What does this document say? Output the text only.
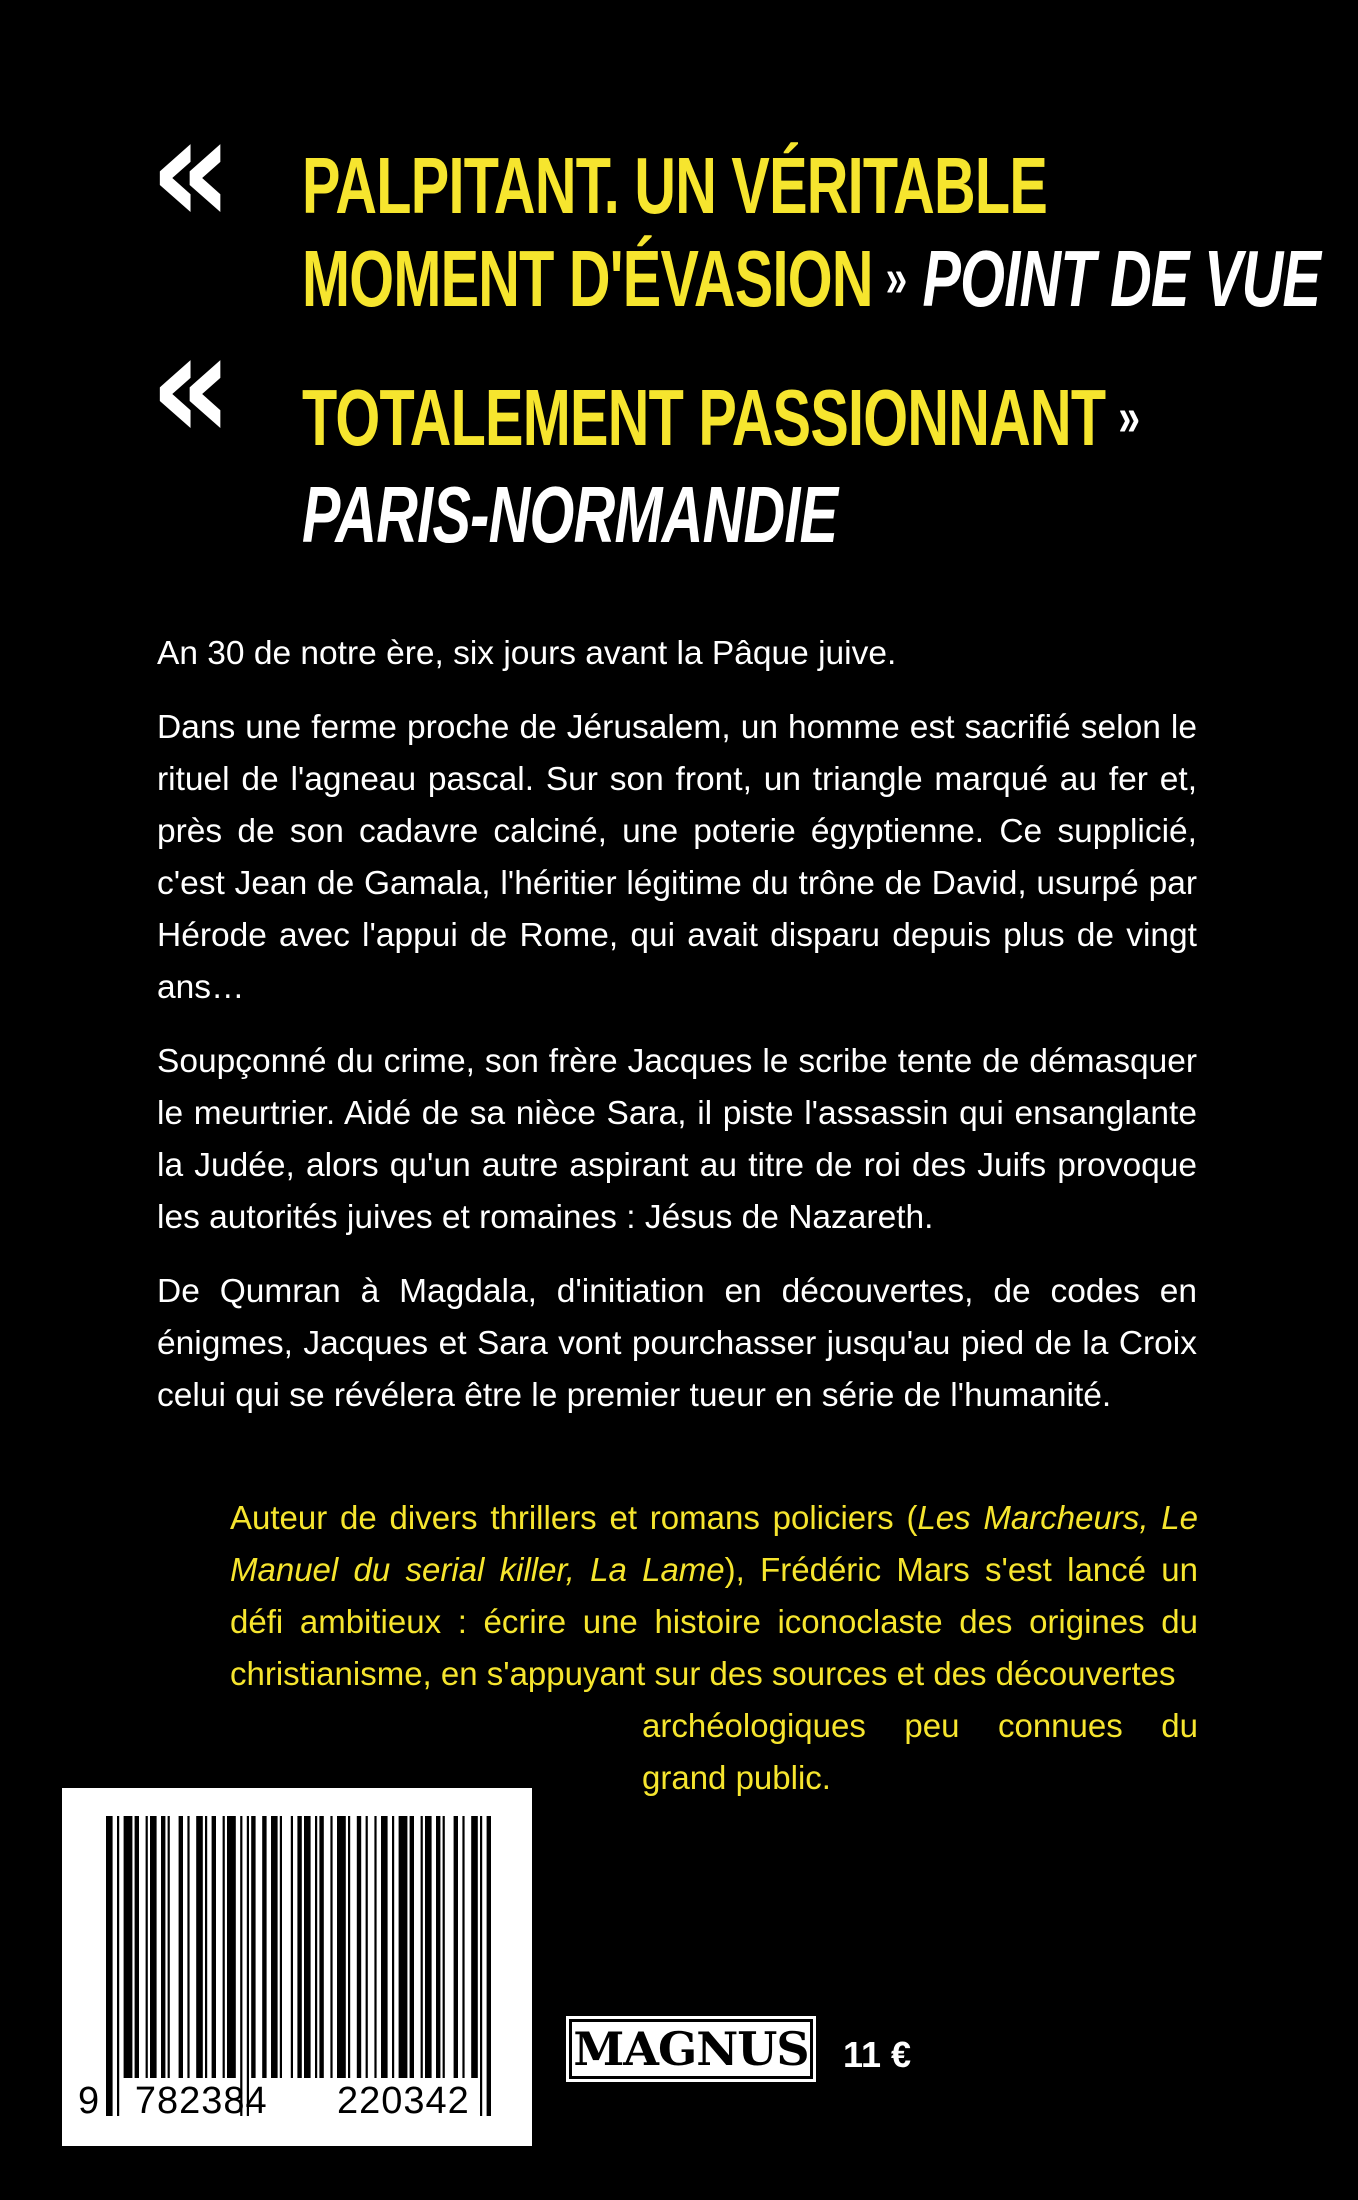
« PALPITANT. UN VÉRITABLE
MOMENT D'ÉVASION » POINT DE VUE
« TOTALEMENT PASSIONNANT »
PARIS-NORMANDIE

An 30 de notre ère, six jours avant la Pâque juive.

Dans une ferme proche de Jérusalem, un homme est sacrifié selon le rituel de l'agneau pascal. Sur son front, un triangle marqué au fer et, près de son cadavre calciné, une poterie égyptienne. Ce supplicié, c'est Jean de Gamala, l'héritier légitime du trône de David, usurpé par Hérode avec l'appui de Rome, qui avait disparu depuis plus de vingt ans…

Soupçonné du crime, son frère Jacques le scribe tente de démasquer le meurtrier. Aidé de sa nièce Sara, il piste l'assassin qui ensanglante la Judée, alors qu'un autre aspirant au titre de roi des Juifs provoque les autorités juives et romaines : Jésus de Nazareth.

De Qumran à Magdala, d'initiation en découvertes, de codes en énigmes, Jacques et Sara vont pourchasser jusqu'au pied de la Croix celui qui se révélera être le premier tueur en série de l'humanité.

Auteur de divers thrillers et romans policiers (Les Marcheurs, Le Manuel du serial killer, La Lame), Frédéric Mars s'est lancé un défi ambitieux : écrire une histoire iconoclaste des origines du christianisme, en s'appuyant sur des sources et des découvertes

archéologiques peu connues du grand public.

9 782384 220342
MAGNUS 11 €
